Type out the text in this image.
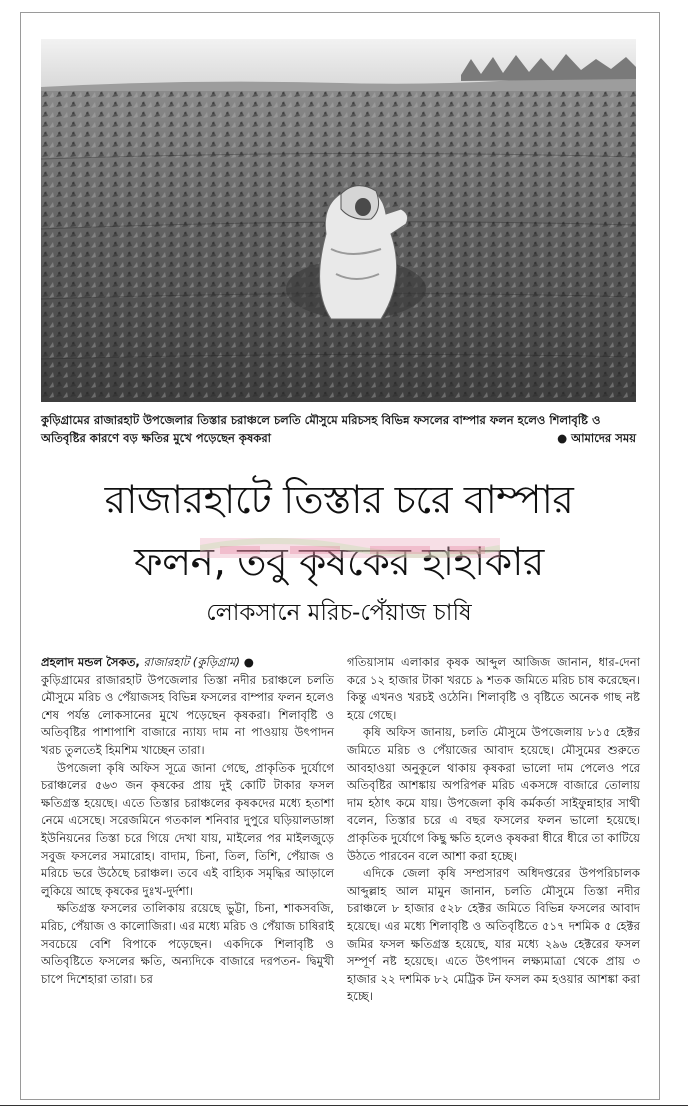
কুড়িগ্রামের রাজারহাট উপজেলার তিস্তার চরাঞ্চলে চলতি মৌসুমে মরিচসহ বিভিন্ন ফসলের বাম্পার ফলন হলেও শিলাবৃষ্টি ও অতিবৃষ্টির কারণে বড় ক্ষতির মুখে পড়েছেন কৃষকরা	● আমাদের সময়
রাজারহাটে তিস্তার চরে বাম্পার
ফলন, তবু কৃষকের হাহাকার
লোকসানে মরিচ-পেঁয়াজ চাষি

প্রহলাদ মন্ডল সৈকত, রাজারহাট (কুড়িগ্রাম) ●

কুড়িগ্রামের রাজারহাট উপজেলার তিস্তা নদীর চরাঞ্চলে চলতি মৌসুমে মরিচ ও পেঁয়াজসহ বিভিন্ন ফসলের বাম্পার ফলন হলেও শেষ পর্যন্ত লোকসানের মুখে পড়েছেন কৃষকরা। শিলাবৃষ্টি ও অতিবৃষ্টির পাশাপাশি বাজারে ন্যায্য দাম না পাওয়ায় উৎপাদন খরচ তুলতেই হিমশিম খাচ্ছেন তারা।

উপজেলা কৃষি অফিস সূত্রে জানা গেছে, প্রাকৃতিক দুর্যোগে চরাঞ্চলের ৫৬৩ জন কৃষকের প্রায় দুই কোটি টাকার ফসল ক্ষতিগ্রস্ত হয়েছে। এতে তিস্তার চরাঞ্চলের কৃষকদের মধ্যে হতাশা নেমে এসেছে। সরেজমিনে গতকাল শনিবার দুপুরে ঘড়িয়ালডাঙ্গা ইউনিয়নের তিস্তা চরে গিয়ে দেখা যায়, মাইলের পর মাইলজুড়ে সবুজ ফসলের সমারোহ। বাদাম, চিনা, তিল, তিশি, পেঁয়াজ ও মরিচে ভরে উঠেছে চরাঞ্চল। তবে এই বাহ্যিক সমৃদ্ধির আড়ালে লুকিয়ে আছে কৃষকের দুঃখ-দুর্দশা।

ক্ষতিগ্রস্ত ফসলের তালিকায় রয়েছে ভুট্টা, চিনা, শাকসবজি, মরিচ, পেঁয়াজ ও কালোজিরা। এর মধ্যে মরিচ ও পেঁয়াজ চাষিরাই সবচেয়ে বেশি বিপাকে পড়েছেন। একদিকে শিলাবৃষ্টি ও অতিবৃষ্টিতে ফসলের ক্ষতি, অন্যদিকে বাজারে দরপতন- দ্বিমুখী চাপে দিশেহারা তারা। চর

গতিয়াসাম এলাকার কৃষক আব্দুল আজিজ জানান, ধার-দেনা করে ১২ হাজার টাকা খরচে ৯ শতক জমিতে মরিচ চাষ করেছেন। কিন্তু এখনও খরচই ওঠেনি। শিলাবৃষ্টি ও বৃষ্টিতে অনেক গাছ নষ্ট হয়ে গেছে।

কৃষি অফিস জানায়, চলতি মৌসুমে উপজেলায় ৮১৫ হেক্টর জমিতে মরিচ ও পেঁয়াজের আবাদ হয়েছে। মৌসুমের শুরুতে আবহাওয়া অনুকূলে থাকায় কৃষকরা ভালো দাম পেলেও পরে অতিবৃষ্টির আশঙ্কায় অপরিপক্ব মরিচ একসঙ্গে বাজারে তোলায় দাম হঠাৎ কমে যায়। উপজেলা কৃষি কর্মকর্তা সাইফুন্নাহার সাথী বলেন, তিস্তার চরে এ বছর ফসলের ফলন ভালো হয়েছে। প্রাকৃতিক দুর্যোগে কিছু ক্ষতি হলেও কৃষকরা ধীরে ধীরে তা কাটিয়ে উঠতে পারবেন বলে আশা করা হচ্ছে।

এদিকে জেলা কৃষি সম্প্রসারণ অধিদপ্তরের উপপরিচালক আব্দুল্লাহ আল মামুন জানান, চলতি মৌসুমে তিস্তা নদীর চরাঞ্চলে ৮ হাজার ৫২৮ হেক্টর জমিতে বিভিন্ন ফসলের আবাদ হয়েছে। এর মধ্যে শিলাবৃষ্টি ও অতিবৃষ্টিতে ৫১৭ দশমিক ৫ হেক্টর জমির ফসল ক্ষতিগ্রস্ত হয়েছে, যার মধ্যে ২৯৬ হেক্টরের ফসল সম্পূর্ণ নষ্ট হয়েছে। এতে উৎপাদন লক্ষ্যমাত্রা থেকে প্রায় ৩ হাজার ২২ দশমিক ৮২ মেট্রিক টন ফসল কম হওয়ার আশঙ্কা করা হচ্ছে।
